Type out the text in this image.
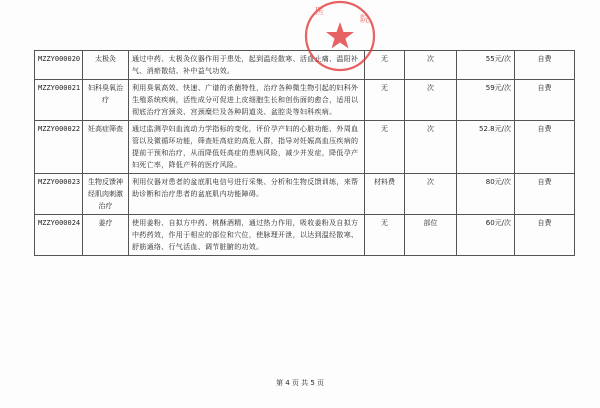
MZZY000020	太极灸	通过中药、太极灸仪器作用于患处，起到温经散寒、活血止痛、温阳补气、消瘀散结、补中益气功效。	无	次	55元/次	自费
MZZY000021	妇科臭氧治疗	利用臭氧高效、快速、广谱的杀菌特性，治疗各种微生物引起的妇科外生殖系统疾病，活性成分可促进上皮细胞生长和创伤面的愈合，适用以彻底治疗宫颈炎、宫颈糜烂及各种阴道炎、盆腔炎等妇科疾病。	无	次	59元/次	自费
MZZY000022	妊高症筛查	通过监测孕妇血流动力学指标的变化，评价孕产妇的心脏功能、外周血管以及微循环功能，筛查妊高症的高危人群，指导对妊娠高血压疾病的提前干预和治疗，从而降低妊高症的患病风险，减少并发症，降低孕产妇死亡率，降低产科的医疗风险。	无	次	52.8元/次	自费
MZZY000023	生物反馈神经肌肉刺激治疗	利用仪器对患者的盆底肌电信号进行采集、分析和生物反馈训练，来帮助诊断和治疗患者的盆底肌内功能障碍。	材料费	次	80元/次	自费
MZZY000024	姜疗	使用姜粉、自拟方中药、桃酥酒精，通过热力作用，吸收姜粉及自拟方中药药效，作用于相应的部位和穴位，使脉理开泄，以达到温经散寒、舒筋通络、行气活血、调节脏腑的功效。	无	部位	60元/次	自费
院
医
第 4 页 共 5 页
